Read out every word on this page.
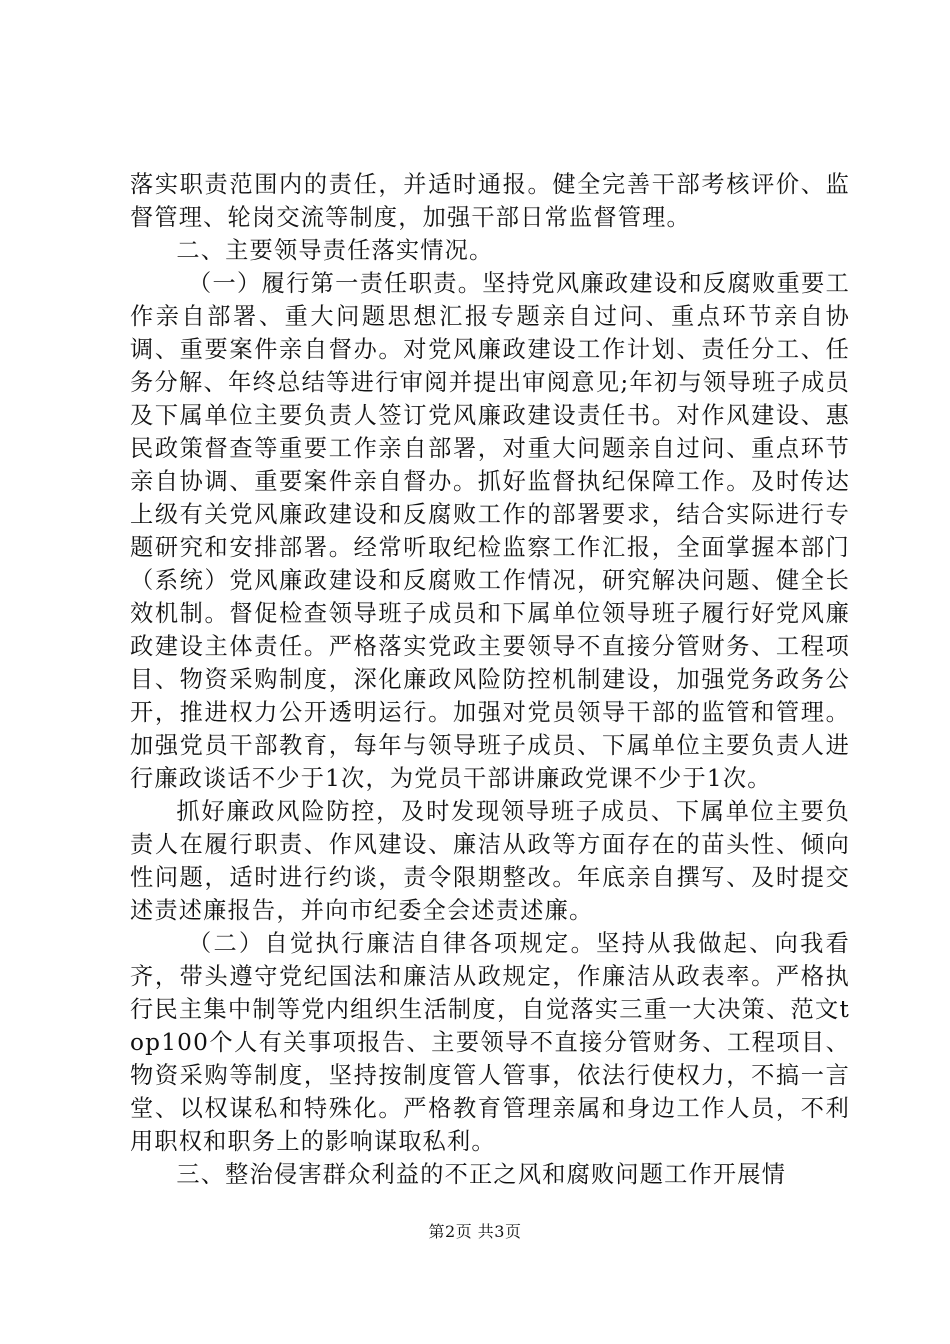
落实职责范围内的责任，并适时通报。健全完善干部考核评价、监督管理、轮岗交流等制度，加强干部日常监督管理。

二、主要领导责任落实情况。

（一）履行第一责任职责。坚持党风廉政建设和反腐败重要工作亲自部署、重大问题思想汇报专题亲自过问、重点环节亲自协调、重要案件亲自督办。对党风廉政建设工作计划、责任分工、任务分解、年终总结等进行审阅并提出审阅意见;年初与领导班子成员及下属单位主要负责人签订党风廉政建设责任书。对作风建设、惠民政策督查等重要工作亲自部署，对重大问题亲自过问、重点环节亲自协调、重要案件亲自督办。抓好监督执纪保障工作。及时传达上级有关党风廉政建设和反腐败工作的部署要求，结合实际进行专题研究和安排部署。经常听取纪检监察工作汇报，全面掌握本部门（系统）党风廉政建设和反腐败工作情况，研究解决问题、健全长效机制。督促检查领导班子成员和下属单位领导班子履行好党风廉政建设主体责任。严格落实党政主要领导不直接分管财务、工程项目、物资采购制度，深化廉政风险防控机制建设，加强党务政务公开，推进权力公开透明运行。加强对党员领导干部的监管和管理。加强党员干部教育，每年与领导班子成员、下属单位主要负责人进行廉政谈话不少于1次，为党员干部讲廉政党课不少于1次。

抓好廉政风险防控，及时发现领导班子成员、下属单位主要负责人在履行职责、作风建设、廉洁从政等方面存在的苗头性、倾向性问题，适时进行约谈，责令限期整改。年底亲自撰写、及时提交述责述廉报告，并向市纪委全会述责述廉。

（二）自觉执行廉洁自律各项规定。坚持从我做起、向我看齐，带头遵守党纪国法和廉洁从政规定，作廉洁从政表率。严格执行民主集中制等党内组织生活制度，自觉落实三重一大决策、范文top100个人有关事项报告、主要领导不直接分管财务、工程项目、物资采购等制度，坚持按制度管人管事，依法行使权力，不搞一言堂、以权谋私和特殊化。严格教育管理亲属和身边工作人员，不利用职权和职务上的影响谋取私利。

三、整治侵害群众利益的不正之风和腐败问题工作开展情

第2页 共3页
